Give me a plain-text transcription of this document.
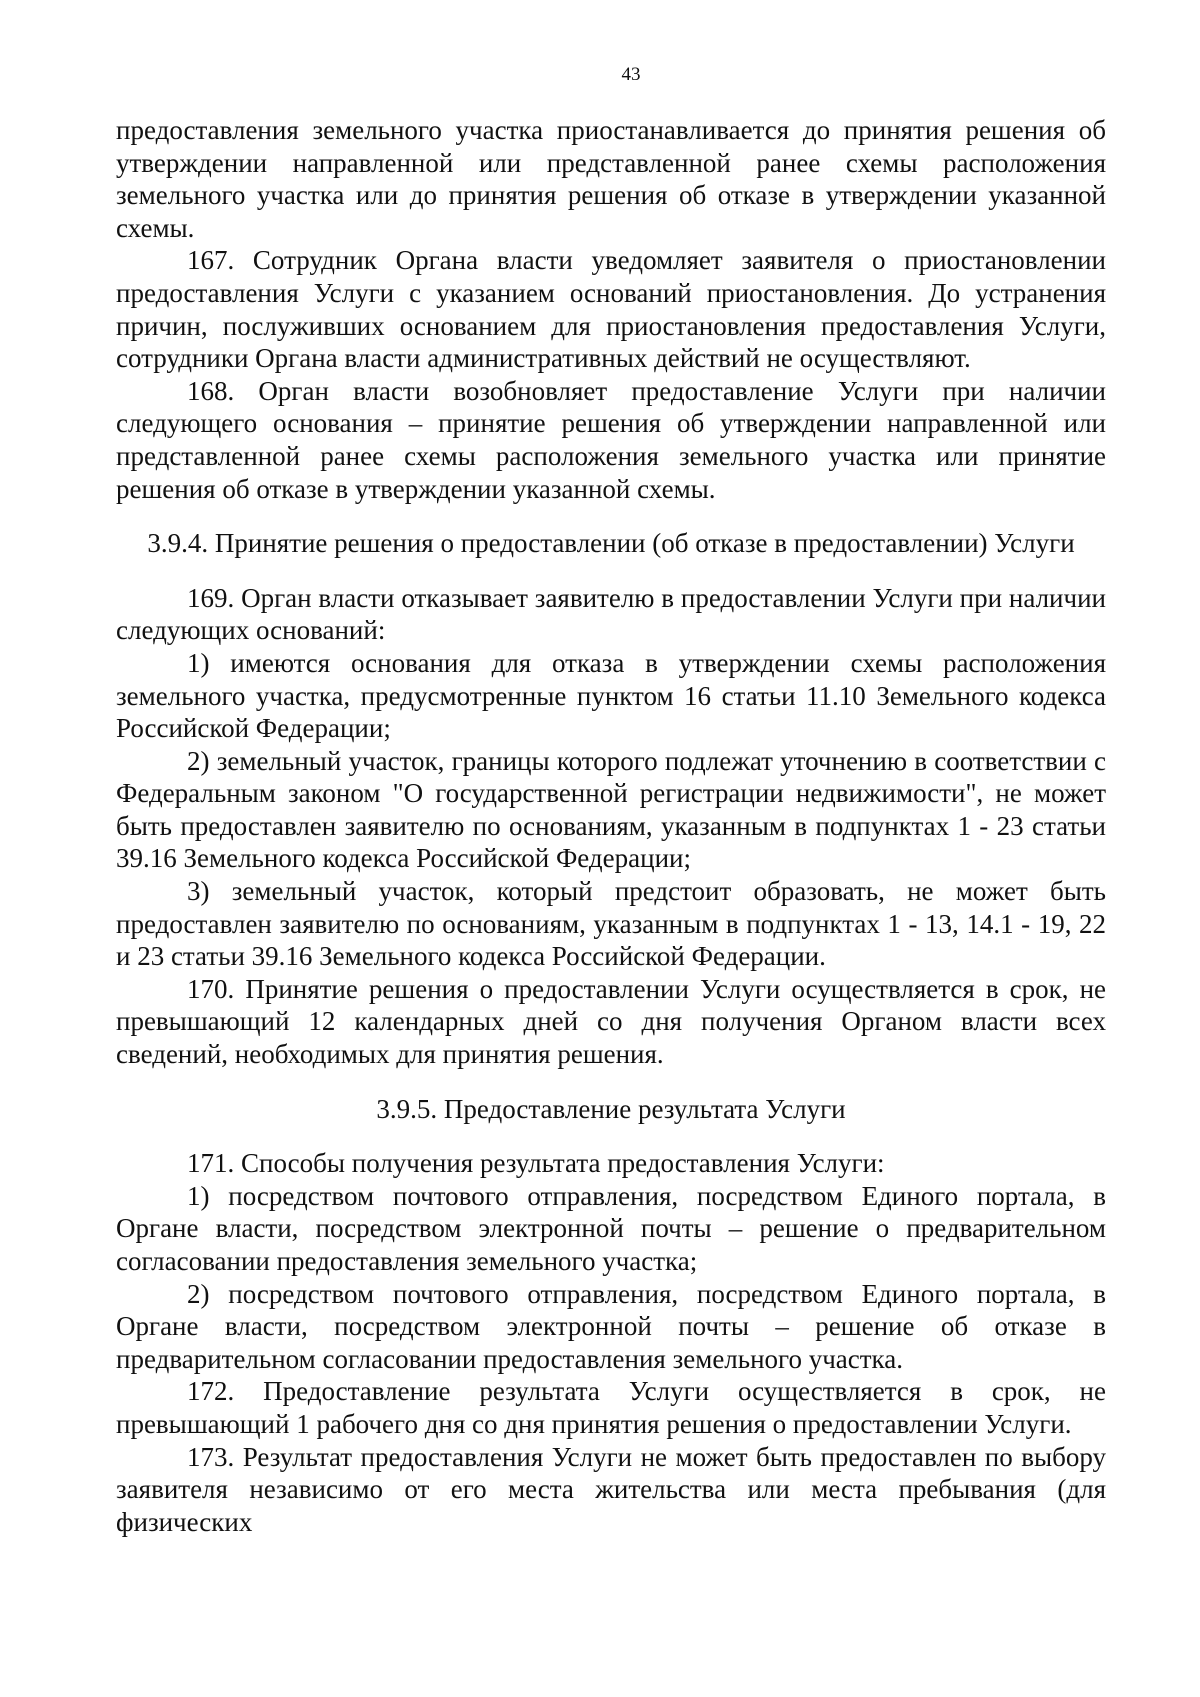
43

предоставления земельного участка приостанавливается до принятия решения об утверждении направленной или представленной ранее схемы расположения земельного участка или до принятия решения об отказе в утверждении указанной схемы.

167. Сотрудник Органа власти уведомляет заявителя о приостановлении предоставления Услуги с указанием оснований приостановления. До устранения причин, послуживших основанием для приостановления предоставления Услуги, сотрудники Органа власти административных действий не осуществляют.

168. Орган власти возобновляет предоставление Услуги при наличии следующего основания – принятие решения об утверждении направленной или представленной ранее схемы расположения земельного участка или принятие решения об отказе в утверждении указанной схемы.

3.9.4. Принятие решения о предоставлении (об отказе в предоставлении) Услуги

169. Орган власти отказывает заявителю в предоставлении Услуги при наличии следующих оснований:

1) имеются основания для отказа в утверждении схемы расположения земельного участка, предусмотренные пунктом 16 статьи 11.10 Земельного кодекса Российской Федерации;

2) земельный участок, границы которого подлежат уточнению в соответствии с Федеральным законом "О государственной регистрации недвижимости", не может быть предоставлен заявителю по основаниям, указанным в подпунктах 1 - 23 статьи 39.16 Земельного кодекса Российской Федерации;

3) земельный участок, который предстоит образовать, не может быть предоставлен заявителю по основаниям, указанным в подпунктах 1 - 13, 14.1 - 19, 22 и 23 статьи 39.16 Земельного кодекса Российской Федерации.

170. Принятие решения о предоставлении Услуги осуществляется в срок, не превышающий 12 календарных дней со дня получения Органом власти всех сведений, необходимых для принятия решения.

3.9.5. Предоставление результата Услуги

171. Способы получения результата предоставления Услуги:

1) посредством почтового отправления, посредством Единого портала, в Органе власти, посредством электронной почты – решение о предварительном согласовании предоставления земельного участка;

2) посредством почтового отправления, посредством Единого портала, в Органе власти, посредством электронной почты – решение об отказе в предварительном согласовании предоставления земельного участка.

172. Предоставление результата Услуги осуществляется в срок, не превышающий 1 рабочего дня со дня принятия решения о предоставлении Услуги.

173. Результат предоставления Услуги не может быть предоставлен по выбору заявителя независимо от его места жительства или места пребывания (для физических
